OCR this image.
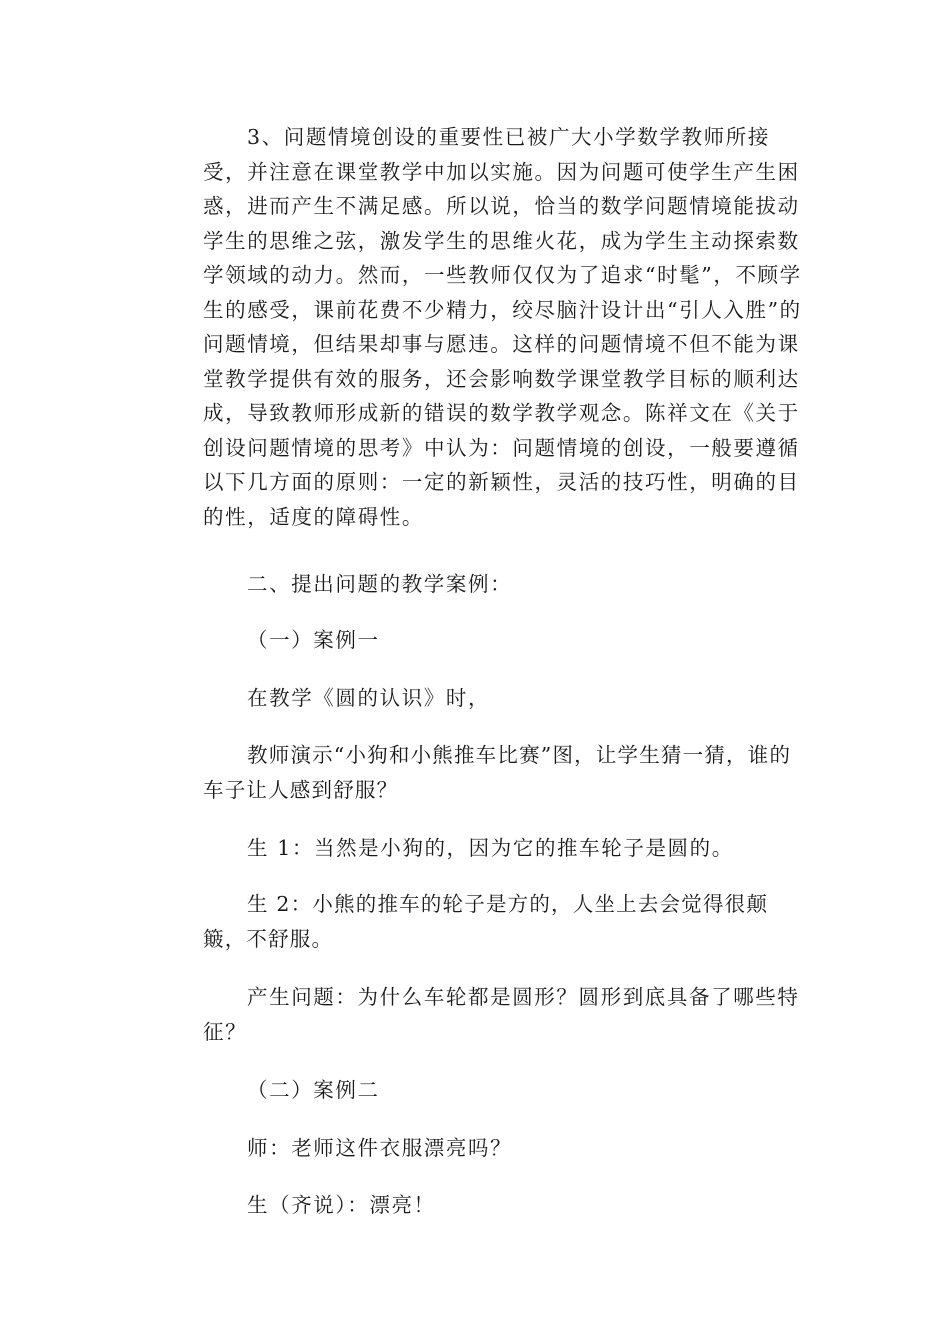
3、问题情境创设的重要性已被广大小学数学教师所接受，并注意在课堂教学中加以实施。因为问题可使学生产生困惑，进而产生不满足感。所以说，恰当的数学问题情境能拔动学生的思维之弦，激发学生的思维火花，成为学生主动探索数学领域的动力。然而，一些教师仅仅为了追求“时髦”，不顾学生的感受，课前花费不少精力，绞尽脑汁设计出“引人入胜”的问题情境，但结果却事与愿违。这样的问题情境不但不能为课堂教学提供有效的服务，还会影响数学课堂教学目标的顺利达成，导致教师形成新的错误的数学教学观念。陈祥文在《关于创设问题情境的思考》中认为：问题情境的创设，一般要遵循以下几方面的原则：一定的新颖性，灵活的技巧性，明确的目的性，适度的障碍性。

二、提出问题的教学案例：

（一）案例一

在教学《圆的认识》时，

教师演示“小狗和小熊推车比赛”图，让学生猜一猜，谁的车子让人感到舒服？

生 1：当然是小狗的，因为它的推车轮子是圆的。

生 2：小熊的推车的轮子是方的，人坐上去会觉得很颠簸，不舒服。

产生问题：为什么车轮都是圆形？圆形到底具备了哪些特征？

（二）案例二

师：老师这件衣服漂亮吗？

生（齐说）：漂亮！
